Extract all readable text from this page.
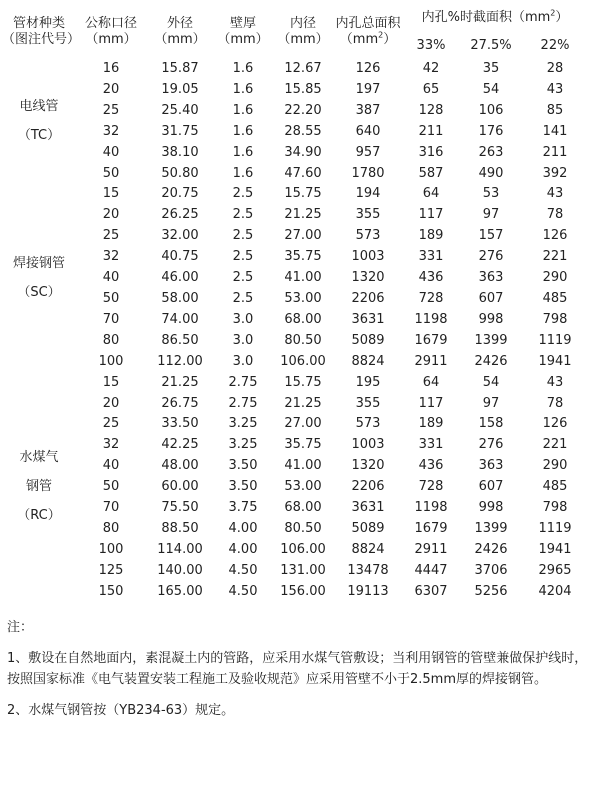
管材种类（图注代号）	公称口径（mm）	外径（mm）	壁厚（mm）	内径（mm）	内孔总面积
$(mm^2)$	内孔%时截面积$(mm^2)$		
						33%	27.5%	22%

电线管
（TC）	16	15.87	1.6	12.67	126	42	35	28
	20	19.05	1.6	15.85	197	65	54	43
	25	25.40	1.6	22.20	387	128	106	85
	32	31.75	1.6	28.55	640	211	176	141
	40	38.10	1.6	34.90	957	316	263	211
	50	50.80	1.6	47.60	1780	587	490	392

焊接钢管
（SC）	15	20.75	2.5	15.75	194	64	53	43
	20	26.25	2.5	21.25	355	117	97	78
	25	32.00	2.5	27.00	573	189	157	126
	32	40.75	2.5	35.75	1003	331	276	221
	40	46.00	2.5	41.00	1320	436	363	290
	50	58.00	2.5	53.00	2206	728	607	485
	70	74.00	3.0	68.00	3631	1198	998	798
	80	86.50	3.0	80.50	5089	1679	1399	1119
	100	112.00	3.0	106.00	8824	2911	2426	1941

水煤气
钢管
（RC）	15	21.25	2.75	15.75	195	64	54	43
	20	26.75	2.75	21.25	355	117	97	78
	25	33.50	3.25	27.00	573	189	158	126
	32	42.25	3.25	35.75	1003	331	276	221
	40	48.00	3.50	41.00	1320	436	363	290
	50	60.00	3.50	53.00	2206	728	607	485
	70	75.50	3.75	68.00	3631	1198	998	798
	80	88.50	4.00	80.50	5089	1679	1399	1119
	100	114.00	4.00	106.00	8824	2911	2426	1941
	125	140.00	4.50	131.00	13478	4447	3706	2965
	150	165.00	4.50	156.00	19113	6307	5256	4204
注：
1、敷设在自然地面内，素混凝土内的管路，应采用水煤气管敷设；当利用钢管的管壁兼做保护线时，按照国家标准《电气装置安装工程施工及验收规范》应采用管壁不小于2.5mm厚的焊接钢管。
2、水煤气钢管按（YB234-63）规定。
